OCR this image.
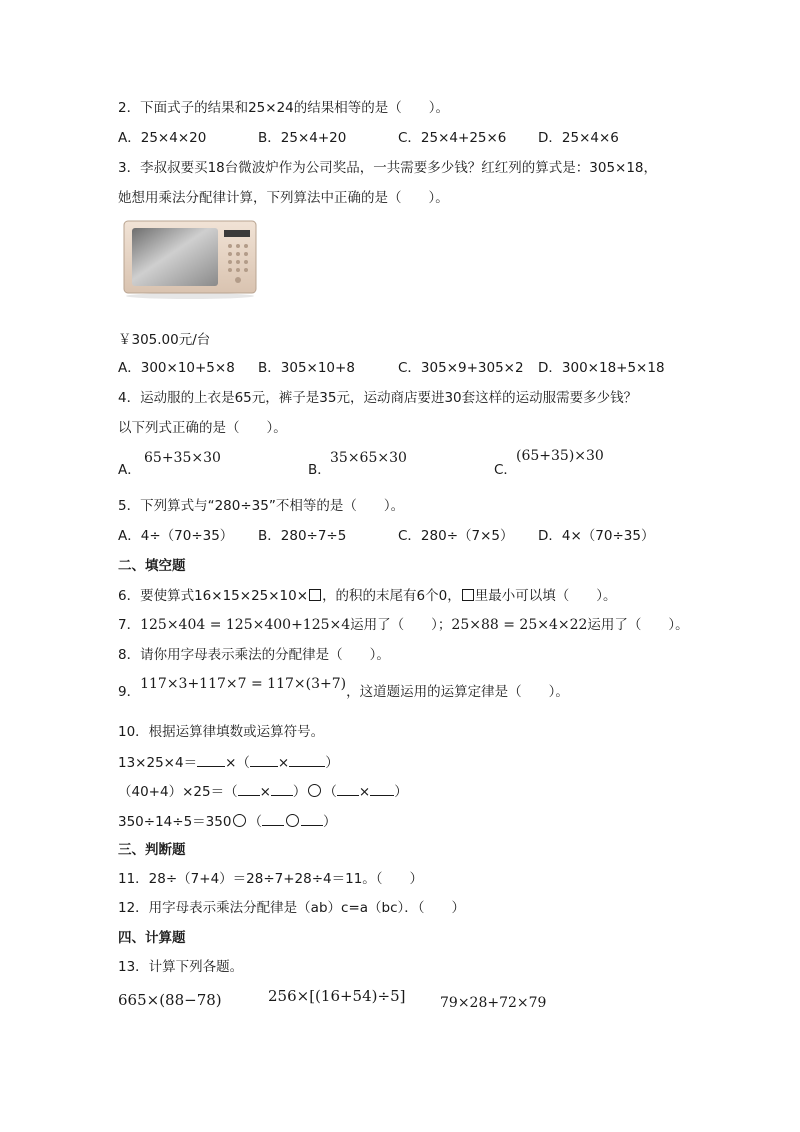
2．下面式子的结果和25×24的结果相等的是（　　）。
A．25×4×20	B．25×4+20	C．25×4+25×6 D．25×4×6
3．李叔叔要买18台微波炉作为公司奖品，一共需要多少钱？红红列的算式是：305×18，
她想用乘法分配律计算，下列算法中正确的是（　　）。
￥305.00元/台
A．300×10+5×8 B．305×10+8	C．305×9+305×2 D．300×18+5×18
4．运动服的上衣是65元，裤子是35元，运动商店要进30套这样的运动服需要多少钱？
以下列式正确的是（　　）。
A．
65+35×30
B．
35×65×30
C．
(65+35)×30
5．下列算式与“280÷35”不相等的是（　　）。
A．4÷（70÷35） B．280÷7÷5	C．280÷（7×5） D．4×（70÷35）
二、填空题
6．要使算式16×15×25×10× ，的积的末尾有6个0， 里最小可以填（　　）。
7．125×404 = 125×400+125×4运用了（　　）；25×88 = 25×4×22运用了（　　）。
8．请你用字母表示乘法的分配律是（　　）。
9．117×3+117×7 = 117×(3+7)，这道题运用的运算定律是（　　）。
10．根据运算律填数或运算符号。
13×25×4＝ ×（ ×	）
（40+4）×25＝（ × ） （ × ）
350÷14÷5＝350 （	）
三、判断题
11．28÷（7+4）＝28÷7+28÷4＝11。（　　）
12．用字母表示乘法分配律是（ab）c=a（bc）．（　　）
四、计算题
13．计算下列各题。
665×(88−78)	256×[(16+54)÷5] 79×28+72×79
